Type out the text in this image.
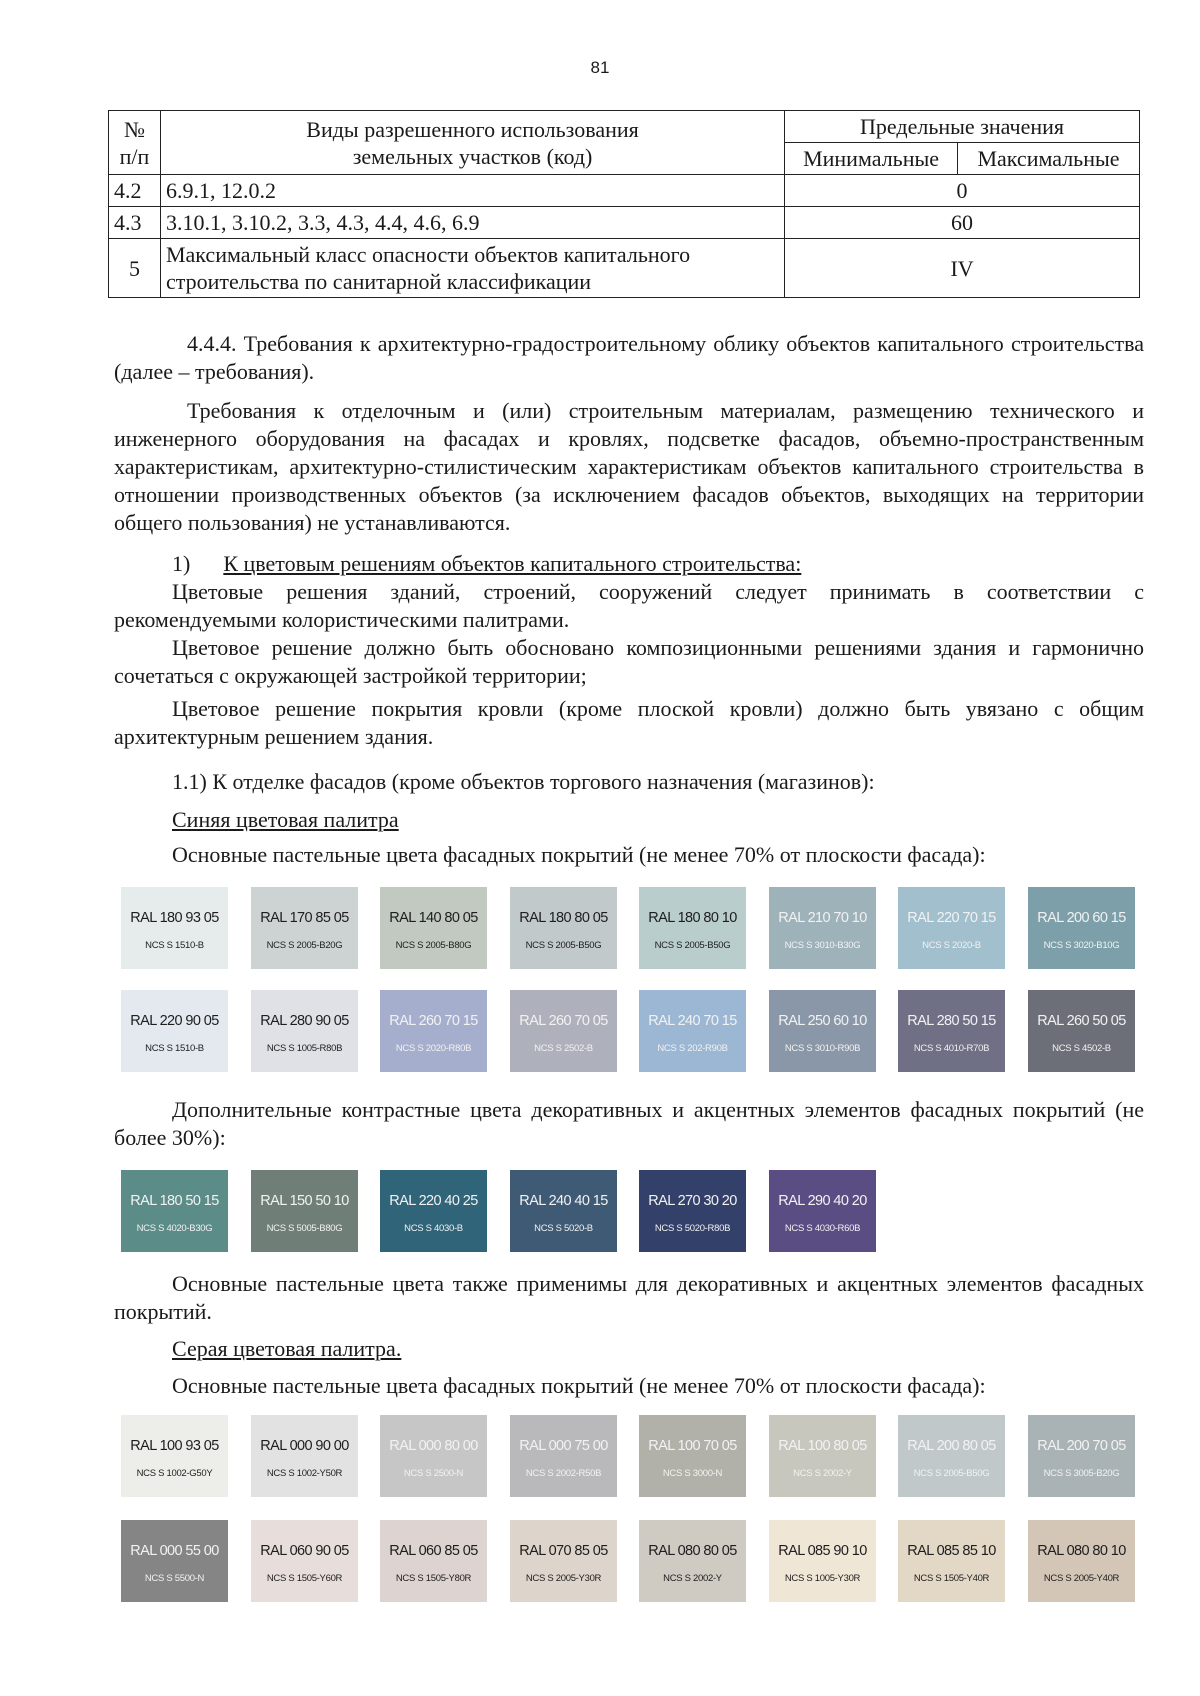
81
№ п/п	Виды разрешенного использования
земельных участков (код)	Предельные значения	
		Минимальные	Максимальные
4.2	6.9.1, 12.0.2	0	
4.3	3.10.1, 3.10.2, 3.3, 4.3, 4.4, 4.6, 6.9	60	
5	Максимальный класс опасности объектов капитального строительства по санитарной классификации	IV	
4.4.4. Требования к архитектурно-градостроительному облику объектов капитального строительства (далее – требования).
Требования к отделочным и (или) строительным материалам, размещению технического и инженерного оборудования на фасадах и кровлях, подсветке фасадов, объемно-пространственным характеристикам, архитектурно-стилистическим характеристикам объектов капитального строительства в отношении производственных объектов (за исключением фасадов объектов, выходящих на территории общего пользования) не устанавливаются.
1) К цветовым решениям объектов капитального строительства:
Цветовые решения зданий, строений, сооружений следует принимать в соответствии с рекомендуемыми колористическими палитрами.
Цветовое решение должно быть обосновано композиционными решениями здания и гармонично сочетаться с окружающей застройкой территории;
Цветовое решение покрытия кровли (кроме плоской кровли) должно быть увязано с общим архитектурным решением здания.
1.1) К отделке фасадов (кроме объектов торгового назначения (магазинов):
Синяя цветовая палитра
Основные пастельные цвета фасадных покрытий (не менее 70% от плоскости фасада):
RAL 180 93 05
NCS S 1510-B
RAL 170 85 05
NCS S 2005-B20G
RAL 140 80 05
NCS S 2005-B80G
RAL 180 80 05
NCS S 2005-B50G
RAL 180 80 10
NCS S 2005-B50G
RAL 210 70 10
NCS S 3010-B30G
RAL 220 70 15
NCS S 2020-B
RAL 200 60 15
NCS S 3020-B10G
RAL 220 90 05
NCS S 1510-B
RAL 280 90 05
NCS S 1005-R80B
RAL 260 70 15
NCS S 2020-R80B
RAL 260 70 05
NCS S 2502-B
RAL 240 70 15
NCS S 202-R90B
RAL 250 60 10
NCS S 3010-R90B
RAL 280 50 15
NCS S 4010-R70B
RAL 260 50 05
NCS S 4502-B
Дополнительные контрастные цвета декоративных и акцентных элементов фасадных покрытий (не более 30%):
RAL 180 50 15
NCS S 4020-B30G
RAL 150 50 10
NCS S 5005-B80G
RAL 220 40 25
NCS S 4030-B
RAL 240 40 15
NCS S 5020-B
RAL 270 30 20
NCS S 5020-R80B
RAL 290 40 20
NCS S 4030-R60B
Основные пастельные цвета также применимы для декоративных и акцентных элементов фасадных покрытий.
Серая цветовая палитра.
Основные пастельные цвета фасадных покрытий (не менее 70% от плоскости фасада):
RAL 100 93 05
NCS S 1002-G50Y
RAL 000 90 00
NCS S 1002-Y50R
RAL 000 80 00
NCS S 2500-N
RAL 000 75 00
NCS S 2002-R50B
RAL 100 70 05
NCS S 3000-N
RAL 100 80 05
NCS S 2002-Y
RAL 200 80 05
NCS S 2005-B50G
RAL 200 70 05
NCS S 3005-B20G
RAL 000 55 00
NCS S 5500-N
RAL 060 90 05
NCS S 1505-Y60R
RAL 060 85 05
NCS S 1505-Y80R
RAL 070 85 05
NCS S 2005-Y30R
RAL 080 80 05
NCS S 2002-Y
RAL 085 90 10
NCS S 1005-Y30R
RAL 085 85 10
NCS S 1505-Y40R
RAL 080 80 10
NCS S 2005-Y40R
